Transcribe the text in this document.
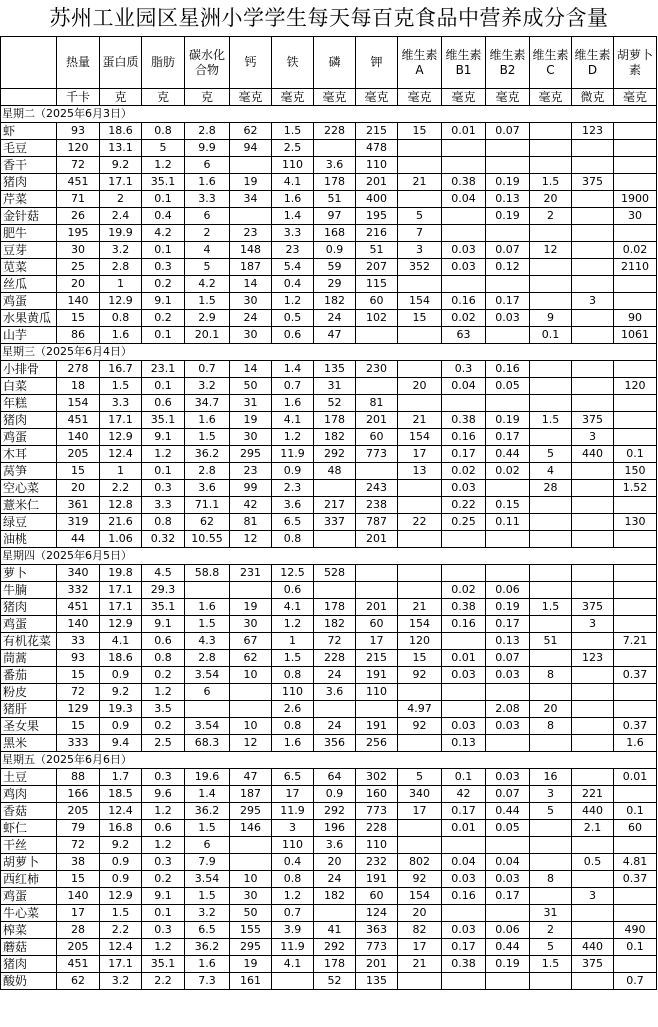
苏州工业园区星洲小学学生每天每百克食品中营养成分含量
	热量	蛋白质	脂肪	碳水化合物	钙	铁	磷	钾	维生素A	维生素B1	维生素B2	维生素C	维生素D	胡萝卜素
	千卡	克	克	克	毫克	毫克	毫克	毫克	毫克	毫克	毫克	毫克	微克	毫克
星期二（2025年6月3日）														
虾	93	18.6	0.8	2.8	62	1.5	228	215	15	0.01	0.07		123	
毛豆	120	13.1	5	9.9	94	2.5		478						
香干	72	9.2	1.2	6		110	3.6	110						
猪肉	451	17.1	35.1	1.6	19	4.1	178	201	21	0.38	0.19	1.5	375	
芹菜	71	2	0.1	3.3	34	1.6	51	400		0.04	0.13	20		1900
金针菇	26	2.4	0.4	6		1.4	97	195	5		0.19	2		30
肥牛	195	19.9	4.2	2	23	3.3	168	216	7					
豆芽	30	3.2	0.1	4	148	23	0.9	51	3	0.03	0.07	12		0.02
苋菜	25	2.8	0.3	5	187	5.4	59	207	352	0.03	0.12			2110
丝瓜	20	1	0.2	4.2	14	0.4	29	115						
鸡蛋	140	12.9	9.1	1.5	30	1.2	182	60	154	0.16	0.17		3	
水果黄瓜	15	0.8	0.2	2.9	24	0.5	24	102	15	0.02	0.03	9		90
山芋	86	1.6	0.1	20.1	30	0.6	47			63		0.1		1061
星期三（2025年6月4日）														
小排骨	278	16.7	23.1	0.7	14	1.4	135	230		0.3	0.16			
白菜	18	1.5	0.1	3.2	50	0.7	31		20	0.04	0.05			120
年糕	154	3.3	0.6	34.7	31	1.6	52	81						
猪肉	451	17.1	35.1	1.6	19	4.1	178	201	21	0.38	0.19	1.5	375	
鸡蛋	140	12.9	9.1	1.5	30	1.2	182	60	154	0.16	0.17		3	
木耳	205	12.4	1.2	36.2	295	11.9	292	773	17	0.17	0.44	5	440	0.1
莴笋	15	1	0.1	2.8	23	0.9	48		13	0.02	0.02	4		150
空心菜	20	2.2	0.3	3.6	99	2.3		243		0.03		28		1.52
薏米仁	361	12.8	3.3	71.1	42	3.6	217	238		0.22	0.15			
绿豆	319	21.6	0.8	62	81	6.5	337	787	22	0.25	0.11			130
油桃	44	1.06	0.32	10.55	12	0.8		201						
星期四（2025年6月5日）														
萝卜	340	19.8	4.5	58.8	231	12.5	528							
牛腩	332	17.1	29.3			0.6				0.02	0.06			
猪肉	451	17.1	35.1	1.6	19	4.1	178	201	21	0.38	0.19	1.5	375	
鸡蛋	140	12.9	9.1	1.5	30	1.2	182	60	154	0.16	0.17		3	
有机花菜	33	4.1	0.6	4.3	67	1	72	17	120		0.13	51		7.21
茼蒿	93	18.6	0.8	2.8	62	1.5	228	215	15	0.01	0.07		123	
番茄	15	0.9	0.2	3.54	10	0.8	24	191	92	0.03	0.03	8		0.37
粉皮	72	9.2	1.2	6		110	3.6	110						
猪肝	129	19.3	3.5			2.6			4.97		2.08	20		
圣女果	15	0.9	0.2	3.54	10	0.8	24	191	92	0.03	0.03	8		0.37
黑米	333	9.4	2.5	68.3	12	1.6	356	256		0.13				1.6
星期五（2025年6月6日）														
土豆	88	1.7	0.3	19.6	47	6.5	64	302	5	0.1	0.03	16		0.01
鸡肉	166	18.5	9.6	1.4	187	17	0.9	160	340	42	0.07	3	221	
香菇	205	12.4	1.2	36.2	295	11.9	292	773	17	0.17	0.44	5	440	0.1
虾仁	79	16.8	0.6	1.5	146	3	196	228		0.01	0.05		2.1	60
干丝	72	9.2	1.2	6		110	3.6	110						
胡萝卜	38	0.9	0.3	7.9		0.4	20	232	802	0.04	0.04		0.5	4.81
西红柿	15	0.9	0.2	3.54	10	0.8	24	191	92	0.03	0.03	8		0.37
鸡蛋	140	12.9	9.1	1.5	30	1.2	182	60	154	0.16	0.17		3	
牛心菜	17	1.5	0.1	3.2	50	0.7		124	20			31		
榨菜	28	2.2	0.3	6.5	155	3.9	41	363	82	0.03	0.06	2		490
蘑菇	205	12.4	1.2	36.2	295	11.9	292	773	17	0.17	0.44	5	440	0.1
猪肉	451	17.1	35.1	1.6	19	4.1	178	201	21	0.38	0.19	1.5	375	
酸奶	62	3.2	2.2	7.3	161		52	135						0.7
